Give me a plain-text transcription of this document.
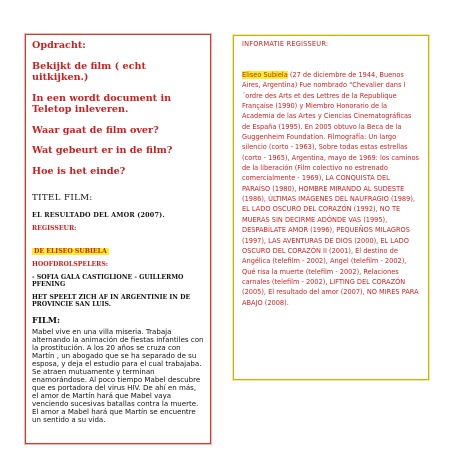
Opdracht:
Bekijkt de film ( echt uitkijken.)
In een wordt document in Teletop inleveren.
Waar gaat de film over?
Wat gebeurt er in de film?
Hoe is het einde?
TITEL FILM:
EL RESULTADO DEL AMOR (2007).
REGISSEUR:
DE ELISEO SUBIELA
HOOFDROLSPELERS:
- SOFIA GALA CASTIGLIONE - GUILLERMO PFENING
HET SPEELT ZICH AF IN ARGENTINIE IN DE PROVINCIE SAN LUIS.
FILM:

Mabel vive en una villa miseria. Trabaja alternando la animación de fiestas infantiles con la prostitución. A los 20 años se cruza con Martín , un abogado que se ha separado de su esposa, y deja el estudio para el cual trabajaba. Se atraen mutuamente y terminan enamorándose. Al poco tiempo Mabel descubre que es portadora del virus HIV. De ahí en más, el amor de Martín hará que Mabel vaya venciendo sucesivas batallas contra la muerte. El amor a Mabel hará que Martín se encuentre un sentido a su vida.

INFORMATIE REGISSEUR:

Eliseo Subiela (27 de diciembre de 1944, Buenos Aires, Argentina) Fue nombrado “Chevalier dans l´ordre des Arts et des Lettres de la Republique Française (1990) y Miembro Honorario de la Academia de las Artes y Ciencias Cinematográficas de España (1995). En 2005 obtuvo la Beca de la Guggenheim Foundation. Filmografía: Un largo silencio (corto - 1963), Sobre todas estas estrellas (corto - 1965), Argentina, mayo de 1969: los caminos de la liberación (Film colectivo no estrenado comercialmente - 1969), LA CONQUISTA DEL PARAÍSO (1980), HOMBRE MIRANDO AL SUDESTE (1986), ÚLTIMAS IMÁGENES DEL NAUFRAGIO (1989), EL LADO OSCURO DEL CORAZÓN (1992), NO TE MUERAS SIN DECIRME ADÓNDE VAS (1995), DESPABÍLATE AMOR (1996), PEQUEÑOS MILAGROS (1997), LAS AVENTURAS DE DIOS (2000), EL LADO OSCURO DEL CORAZÓN II (2001), El destino de Angélica (telefilm - 2002), Angel (telefilm - 2002), Qué risa la muerte (telefilm - 2002), Relaciones carnales (telefilm - 2002), LIFTING DEL CORAZÓN (2005), El resultado del amor (2007), NO MIRES PARA ABAJO (2008).
